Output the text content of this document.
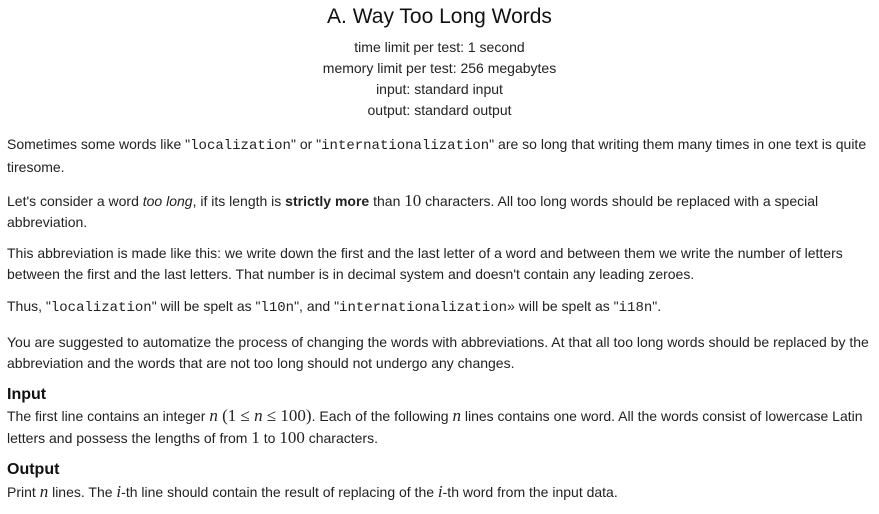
A. Way Too Long Words
time limit per test: 1 second
memory limit per test: 256 megabytes
input: standard input
output: standard output
Sometimes some words like "localization" or "internationalization" are so long that writing them many times in one text is quite tiresome.
Let's consider a word too long, if its length is strictly more than 10 characters. All too long words should be replaced with a special abbreviation.
This abbreviation is made like this: we write down the first and the last letter of a word and between them we write the number of letters between the first and the last letters. That number is in decimal system and doesn't contain any leading zeroes.
Thus, "localization" will be spelt as "l10n", and "internationalization» will be spelt as "i18n".
You are suggested to automatize the process of changing the words with abbreviations. At that all too long words should be replaced by the abbreviation and the words that are not too long should not undergo any changes.
Input
The first line contains an integer n (1 ≤ n ≤ 100). Each of the following n lines contains one word. All the words consist of lowercase Latin letters and possess the lengths of from 1 to 100 characters.
Output
Print n lines. The i-th line should contain the result of replacing of the i-th word from the input data.
